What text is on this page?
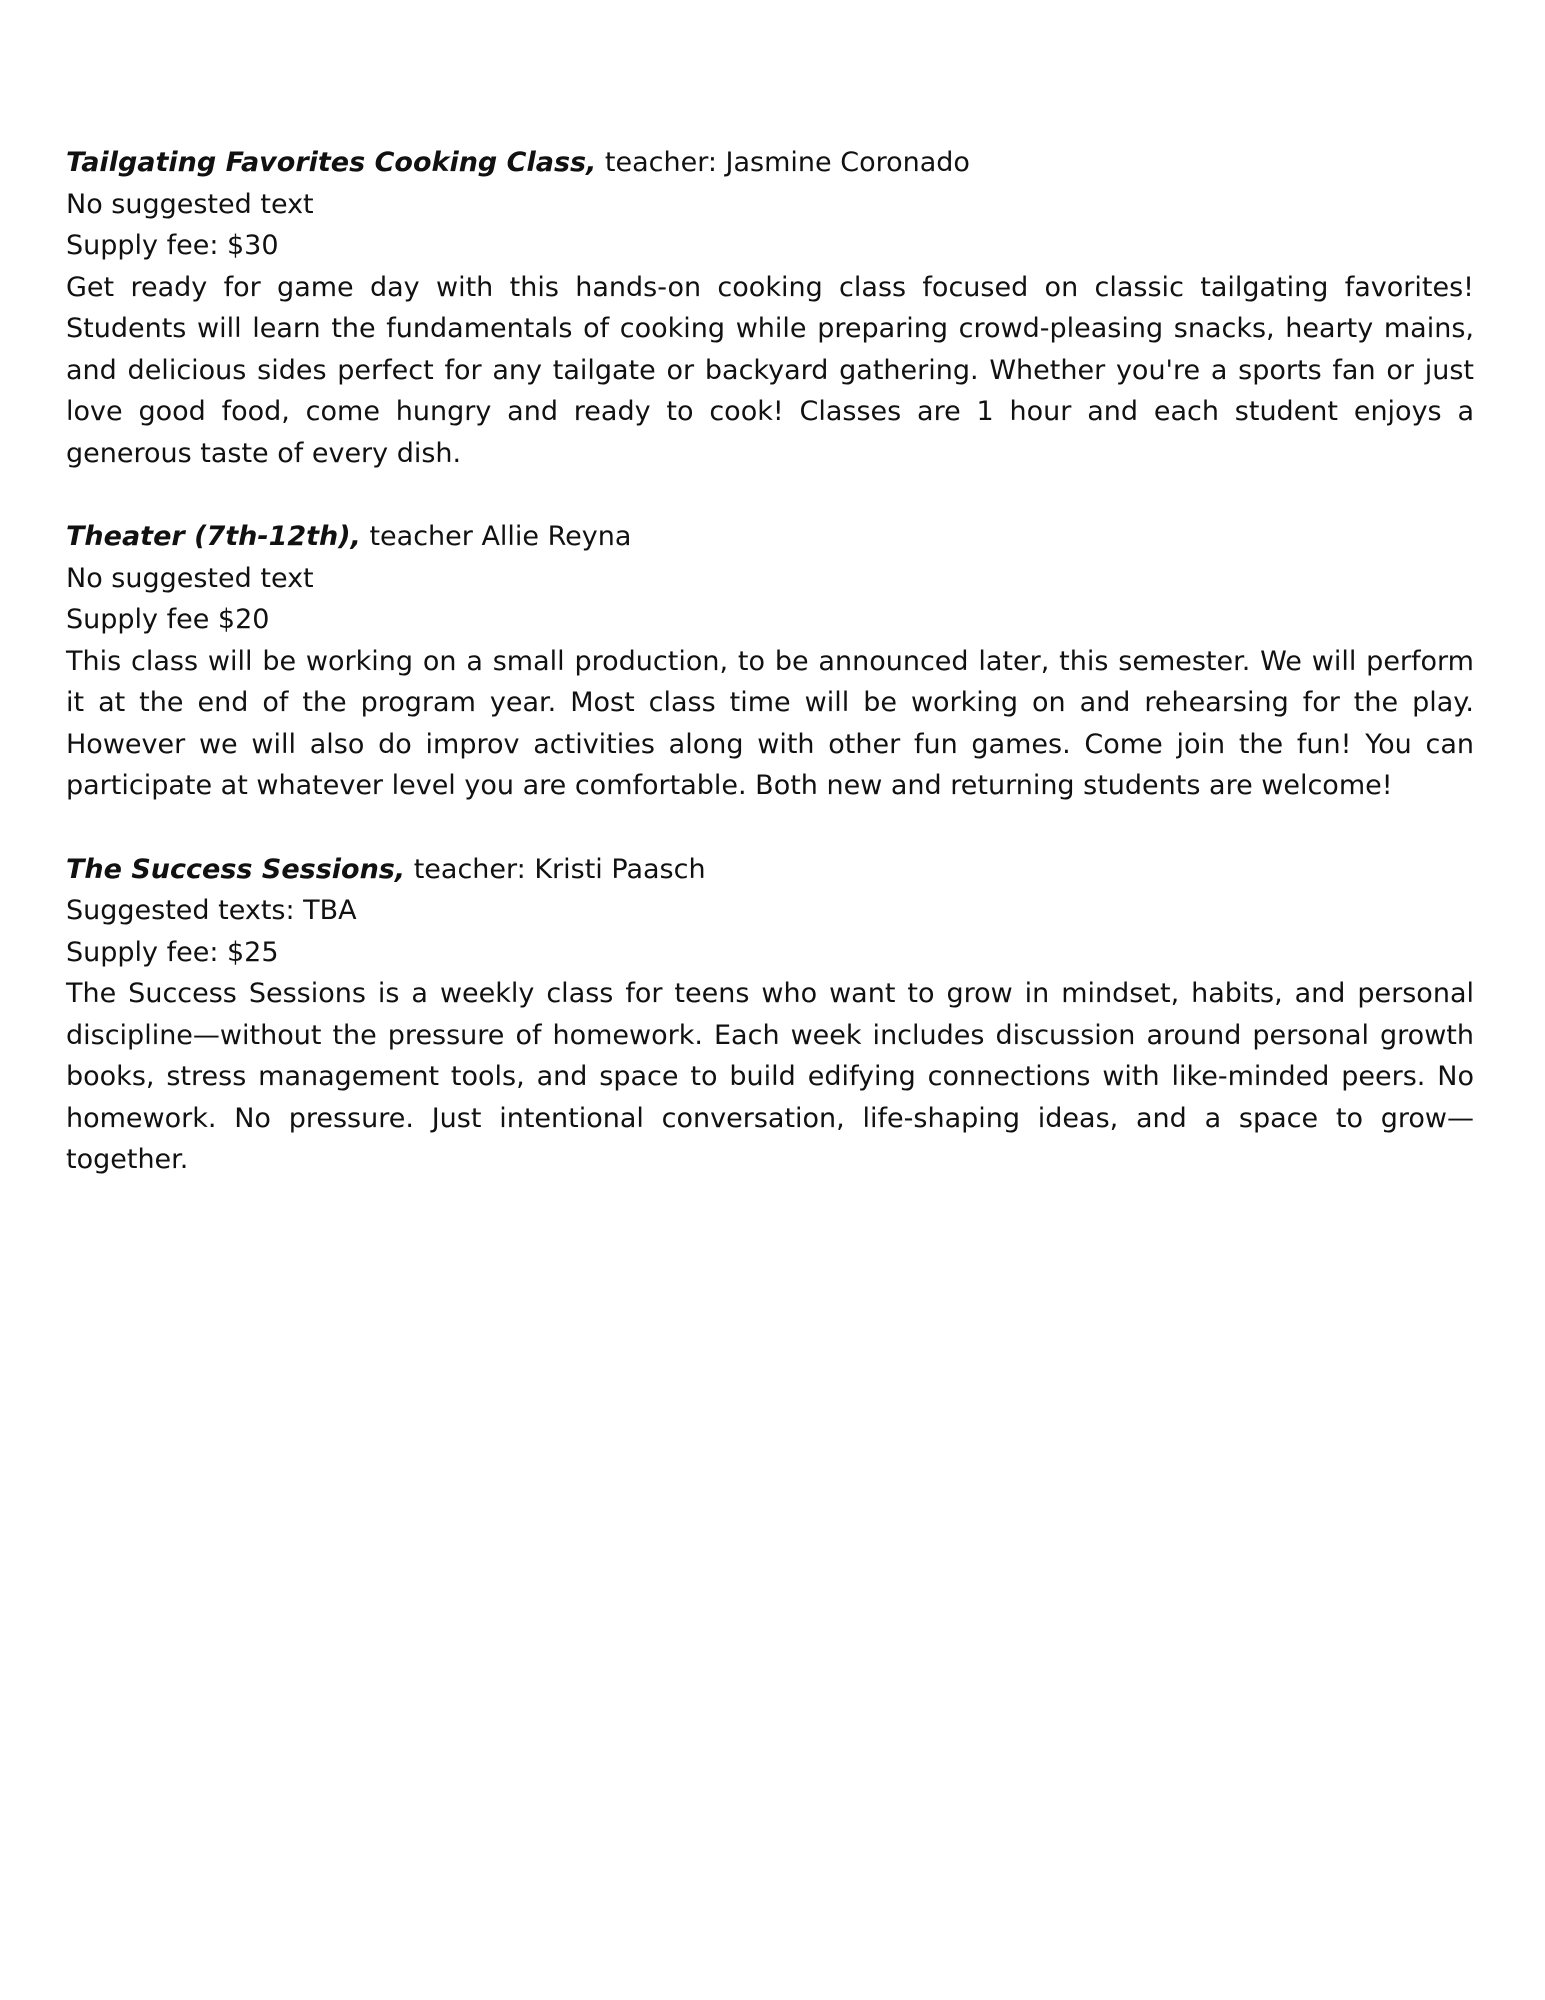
Tailgating Favorites Cooking Class, teacher: Jasmine Coronado
No suggested text
Supply fee: $30

Get ready for game day with this hands-on cooking class focused on classic tailgating favorites! Students will learn the fundamentals of cooking while preparing crowd-pleasing snacks, hearty mains, and delicious sides perfect for any tailgate or backyard gathering. Whether you're a sports fan or just love good food, come hungry and ready to cook! Classes are 1 hour and each student enjoys a generous taste of every dish.

Theater (7th-12th), teacher Allie Reyna
No suggested text
Supply fee $20

This class will be working on a small production, to be announced later, this semester. We will perform it at the end of the program year. Most class time will be working on and rehearsing for the play. However we will also do improv activities along with other fun games. Come join the fun! You can participate at whatever level you are comfortable. Both new and returning students are welcome!

The Success Sessions, teacher: Kristi Paasch
Suggested texts: TBA
Supply fee: $25

The Success Sessions is a weekly class for teens who want to grow in mindset, habits, and personal discipline—without the pressure of homework. Each week includes discussion around personal growth books, stress management tools, and space to build edifying connections with like-minded peers. No homework. No pressure. Just intentional conversation, life-shaping ideas, and a space to grow—together.
